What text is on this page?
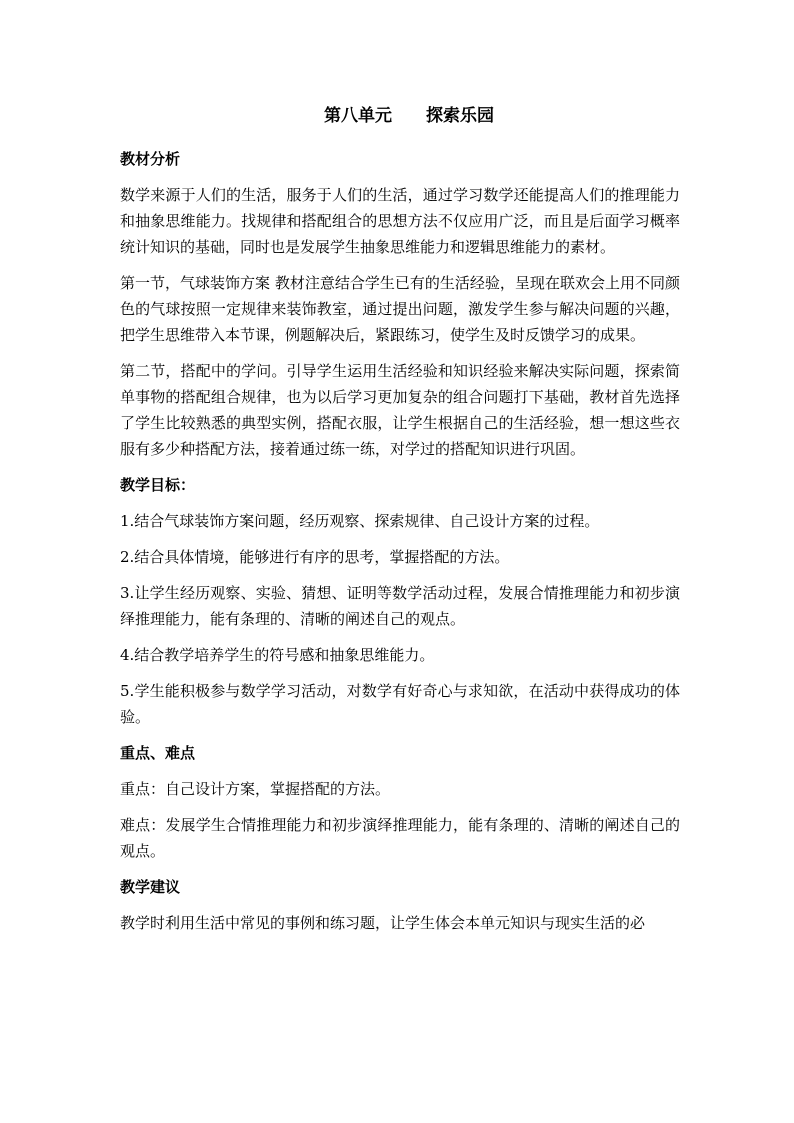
第八单元　　探索乐园
教材分析

数学来源于人们的生活，服务于人们的生活，通过学习数学还能提高人们的推理能力和抽象思维能力。找规律和搭配组合的思想方法不仅应用广泛，而且是后面学习概率统计知识的基础，同时也是发展学生抽象思维能力和逻辑思维能力的素材。

第一节，气球装饰方案 教材注意结合学生已有的生活经验，呈现在联欢会上用不同颜色的气球按照一定规律来装饰教室，通过提出问题，激发学生参与解决问题的兴趣，把学生思维带入本节课，例题解决后，紧跟练习，使学生及时反馈学习的成果。

第二节，搭配中的学问。引导学生运用生活经验和知识经验来解决实际问题，探索简单事物的搭配组合规律，也为以后学习更加复杂的组合问题打下基础，教材首先选择了学生比较熟悉的典型实例，搭配衣服，让学生根据自己的生活经验，想一想这些衣服有多少种搭配方法，接着通过练一练，对学过的搭配知识进行巩固。

教学目标：

1.结合气球装饰方案问题，经历观察、探索规律、自己设计方案的过程。

2.结合具体情境，能够进行有序的思考，掌握搭配的方法。

3.让学生经历观察、实验、猜想、证明等数学活动过程，发展合情推理能力和初步演绎推理能力，能有条理的、清晰的阐述自己的观点。

4.结合教学培养学生的符号感和抽象思维能力。

5.学生能积极参与数学学习活动，对数学有好奇心与求知欲，在活动中获得成功的体验。

重点、难点

重点：自己设计方案，掌握搭配的方法。

难点：发展学生合情推理能力和初步演绎推理能力，能有条理的、清晰的阐述自己的观点。

教学建议

教学时利用生活中常见的事例和练习题，让学生体会本单元知识与现实生活的必
